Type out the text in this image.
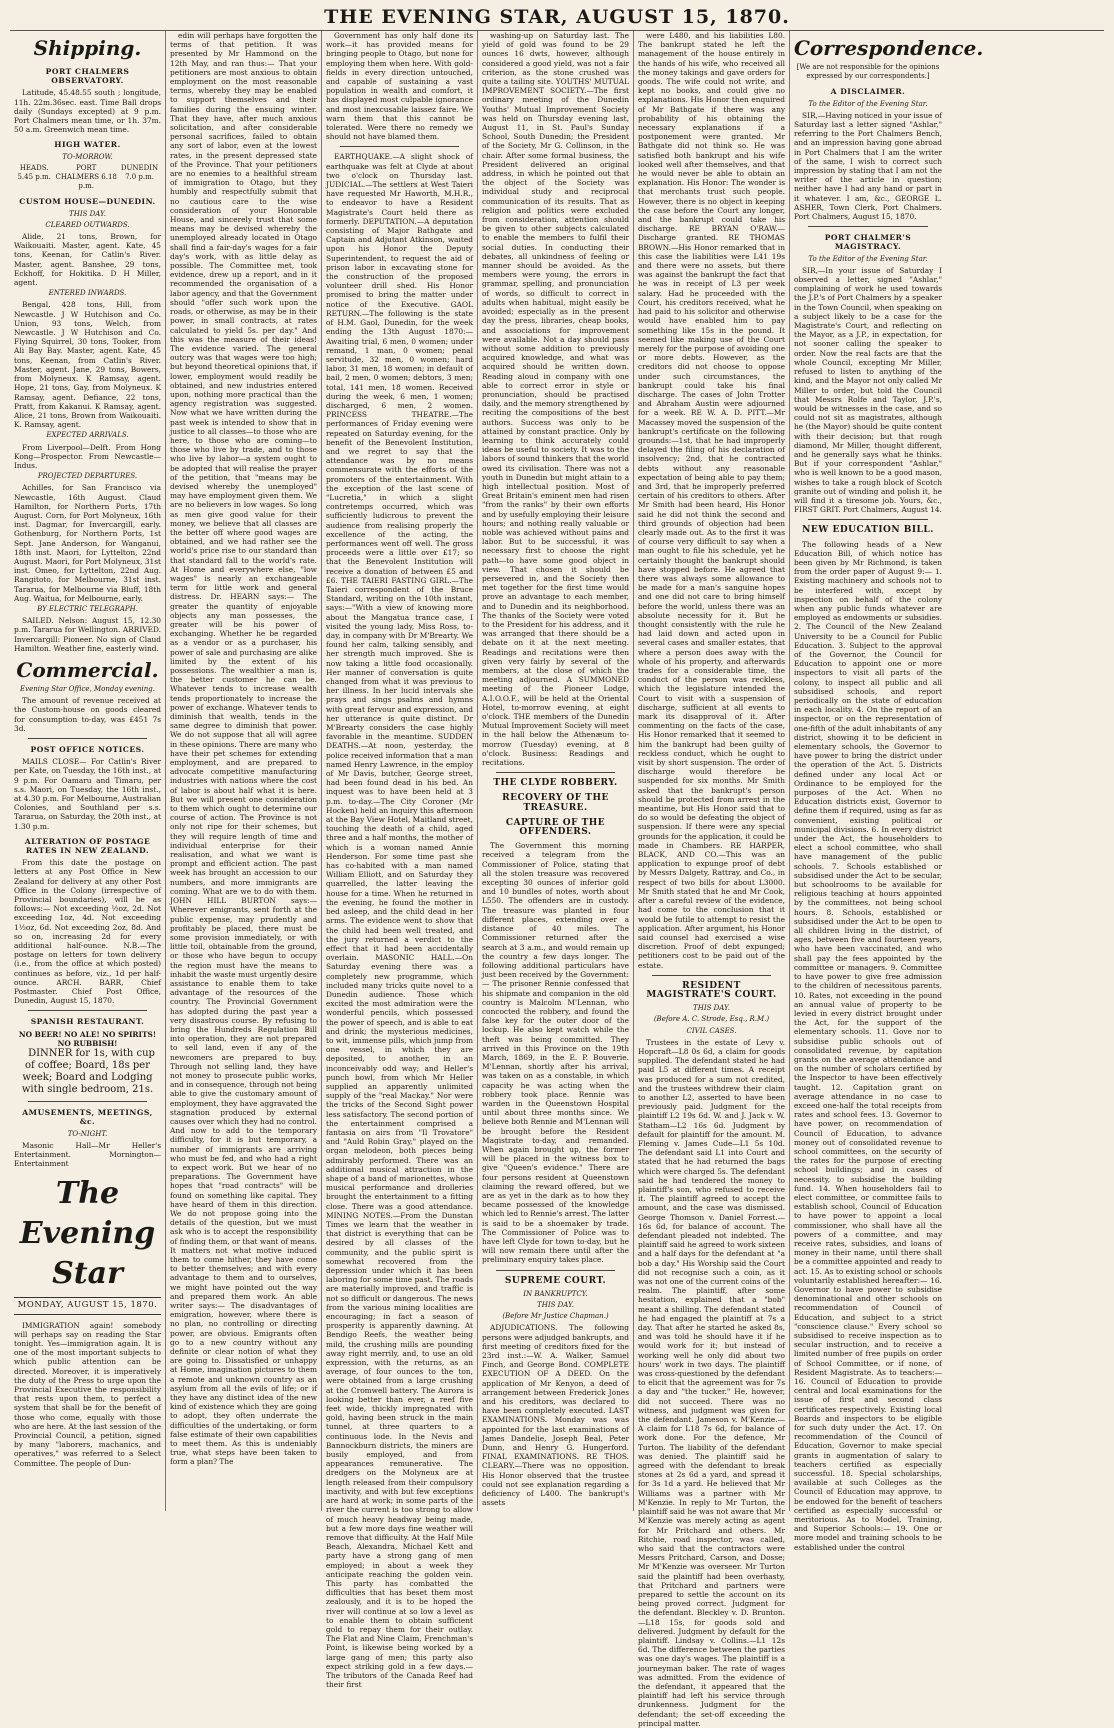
THE EVENING STAR, AUGUST 15, 1870.
Shipping.
PORT CHALMERS OBSERVATORY.

Latitude, 45.48.55 south ; longitude, 11h. 22m.36sec. east. Time Ball drops daily (Sundays excepted) at 9 p.m. Port Chalmers mean time, or 1h. 37m. 50 a.m. Greenwich mean time.

HIGH WATER.
TO-MORROW.
HEADS. 5.45 p.m.
PORT CHALMERS 6.18 p.m.
DUNEDIN 7.0 p.m.
CUSTOM HOUSE—DUNEDIN.
THIS DAY.
CLEARED OUTWARDS.

Alide, 21 tons, Brown, for Waikouaiti. Master, agent. Kate, 45 tons, Keenan, for Catlin's River. Master, agent. Banshee, 29 tons, Eckhoff, for Hokitika. D H Miller, agent.

ENTERED INWARDS.

Bengal, 428 tons, Hill, from Newcastle. J W Hutchison and Co. Union, 93 tons, Welch, from Newcastle. J W Hutchison and Co. Flying Squirrel, 30 tons, Tooker, from Ali Bay Bay. Master, agent. Kate, 45 tons, Keenan, from Catlin's River. Master, agent. Jane, 29 tons, Bowers, from Molyneux. K Ramsay, agent. Hope, 21 tons, Gay, from Molyneux. K Ramsay, agent. Defiance, 22 tons, Pratt, from Kakanui. K Ramsay, agent. Alice, 21 tons, Brown from Waikouaiti. K. Ramsay, agent.

EXPECTED ARRIVALS.

From Liverpool—Delft. From Hong Kong—Prospector. From Newcastle—Indus.

PROJECTED DEPARTURES.

Achilles, for San Francisco via Newcastle, 16th August. Claud Hamilton, for Northern Ports, 17th August. Corn, for Port Molyneux, 16th inst. Dagmar, for Invercargill, early. Gothenburg, for Northern Ports, 1st Sept. Jane Anderson, for Wanganui, 18th inst. Maori, for Lyttelton, 22nd August. Maori, for Port Molyneux, 31st inst. Omeo, for Lyttelton, 22nd Aug. Rangitoto, for Melbourne, 31st inst. Tararua, for Melbourne via Bluff, 18th Aug. Waitua, for Melbourne, early.

BY ELECTRIC TELEGRAPH.

SAILED. Nelson: August 15, 12.30 p.m. Tararua for Wellington. ARRIVED. Invercargill: Pioneer. No sign of Claud Hamilton. Weather fine, easterly wind.

Commercial.
Evening Star Office, Monday evening.

The amount of revenue received at the Custom-house on goods cleared for consumption to-day, was £451 7s 3d.

POST OFFICE NOTICES.

MAILS CLOSE— For Catlin's River per Kate, on Tuesday, the 16th inst., at 9 p.m. For Oamaru and Timaru, per s.s. Maori, on Tuesday, the 16th inst., at 4.30 p.m. For Melbourne, Australian Colonies, and Southland per s.s. Tararua, on Saturday, the 20th inst., at 1.30 p.m.

ALTERATION OF POSTAGE RATES IN NEW ZEALAND.

From this date the postage on letters at any Post Office in New Zealand for delivery at any other Post Office in the Colony (irrespective of Provincial boundaries), will be as follows:— Not exceeding ½oz, 2d. Not exceeding 1oz, 4d. Not exceeding 1½oz, 6d. Not exceeding 2oz, 8d. And so on, increasing 2d for every additional half-ounce. N.B.—The postage on letters for town delivery (i.e., from the office at which posted) continues as before, viz., 1d per half-ounce. ARCH. BARR, Chief Postmaster. Chief Post Office, Dunedin, August 15, 1870.

SPANISH RESTAURANT.
NO BEER! NO ALE! NO SPIRITS! NO RUBBISH!

DINNER for 1s, with cup of coffee; Board, 18s per week; Board and Lodging with single bedroom, 21s.

AMUSEMENTS, MEETINGS, &c.
TO-NIGHT.

Masonic Hall—Mr Heller's Entertainment. Mornington—Entertainment

The Evening Star
MONDAY, AUGUST 15, 1870.

IMMIGRATION again! somebody will perhaps say on reading the Star tonight. Yes—immigration again. It is one of the most important subjects to which public attention can be directed. Moreover, it is imperatively the duty of the Press to urge upon the Provincial Executive the responsibility that rests upon them, to perfect a system that shall be for the benefit of those who come, equally with those who are here. At the last session of the Provincial Council, a petition, signed by many "laborers, machanics, and operatives," was referred to a Select Committee. The people of Dun-

edin will perhaps have forgotten the terms of that petition. It was presented by Mr Hammond on the 12th May, and ran thus:— That your petitioners are most anxious to obtain employment on the most reasonable terms, whereby they may be enabled to support themselves and their families during the ensuing winter. That they have, after much anxious solicitation, and after considerable personal sacrifices, failed to obtain any sort of labor, even at the lowest rates, in the present depressed state of the Province. That your petitioners are no enemies to a healthful stream of immigration to Otago, but they humbly and respectfully submit that no cautious care to the wise consideration of your Honorable House, and sincerely trust that some means may be devised whereby the unemployed already located in Otago shall find a fair-day's wages for a fair day's work, with as little delay as possible. The Committee met, took evidence, drew up a report, and in it recommended the organisation of a labor agency, and that the Government should "offer such work upon the roads, or otherwise, as may be in their power, in small contracts, at rates calculated to yield 5s. per day." And this was the measure of their ideas! The evidence varied. The general outcry was that wages were too high; but beyond theoretical opinions that, if lower, employment would readily be obtained, and new industries entered upon, nothing more practical than the agency registration was suggested. Now what we have written during the past week is intended to show that in justice to all classes—to those who are here, to those who are coming—to those who live by trade, and to those who live by labor—a system ought to be adopted that will realise the prayer of the petition, that "means may be devised whereby the unemployed" may have employment given them. We are no believers in low wages. So long as men give good value for their money, we believe that all classes are the better off where good wages are obtained, and we had rather see the world's price rise to our standard than that standard fall to the world's rate. At Home and everywhere else, "low wages" is nearly an exchangeable term for little work and general distress. Dr. HEARN says:— The greater the quantity of enjoyable objects any man possesses, the greater will be his power of exchanging. Whether he be regarded as a vendor or as a purchaser, his power of sale and purchasing are alike limited by the extent of his possessions. The wealthier a man is, the better customer he can be. Whatever tends to increase wealth tends proportionately to increase the power of exchange. Whatever tends to diminish that wealth, tends in the same degree to diminish that power. We do not suppose that all will agree in these opinions. There are many who have their pet schemes for extending employment, and are prepared to advocate competitive manufacturing industries with nations where the cost of labor is about half what it is here. But we will present one consideration to them which ought to determine our course of action. The Province is not only not ripe for their schemes, but they will require length of time and individual enterprise for their realisation, and what we want is prompt and efficient action. The past week has brought an accession to our numbers, and more immigrants are coming. What are we to do with them. JOHN HILL BURTON says:— Wherever emigrants, sent forth at the public expense, may prudently and profitably be placed, there must be some provision immediately, or with little toil, obtainable from the ground, or those who have begun to occupy the region must have the means to inhabit the waste must urgently desire assistance to enable them to take advantage of the resources of the country. The Provincial Government has adopted during the past year a very disastrous course. By refusing to bring the Hundreds Regulation Bill into operation, they are not prepared to sell land, even if any of the newcomers are prepared to buy. Through not selling land, they have not money to prosecute public works, and in consequence, through not being able to give the customary amount of employment, they have aggravated the stagnation produced by external causes over which they had no control. And now to add to the temporary difficulty, for it is but temporary, a number of immigrants are arriving who must be fed, and who had a right to expect work. But we hear of no preparations. The Government have hopes that "road contracts" will be found on something like capital. They have heard of them in this direction. We do not propose going into the details of the question, but we must ask who is to accept the responsibility of finding them, or that want of means. It matters not what motive induced them to come hither, they have come to better themselves; and with every advantage to them and to ourselves, we might have pointed out the way and prepared them work. An able writer says:— The disadvantages of emigration, however, where there is no plan, no controlling or directing power, are obvious. Emigrants often go to a new country without any definite or clear notion of what they are going to. Dissatisfied or unhappy at Home, imagination pictures to them a remote and unknown country as an asylum from all the evils of life; or if they have any distinct idea of the new kind of existence which they are going to adopt, they often underrate the difficulties of the undertaking, or form false estimate of their own capabilities to meet them. As this is undeniably true, what steps have been taken to form a plan? The

Government has only half done its work—it has provided means for bringing people to Otago, but none for employing them when here. With gold-fields in every direction untouched, and capable of sustaining a vast population in wealth and comfort, it has displayed most culpable ignorance and most inexcusable laissez faire. We warn them that this cannot be tolerated. Were there no remedy we should not have blamed them.

EARTHQUAKE.—A slight shock of earthquake was felt at Clyde at about two o'clock on Thursday last. JUDICIAL.—The settlers at West Taieri have requested Mr Haworth, M.H.R., to endeavor to have a Resident Magistrate's Court held there as formerly. DEPUTATION.—A deputation consisting of Major Bathgate and Captain and Adjutant Atkinson, waited upon his Honor the Deputy Superintendent, to request the aid of prison labor in excavating stone for the construction of the proposed volunteer drill shed. His Honor promised to bring the matter under notice of the Executive. GAOL RETURN.—The following is the state of H.M. Gaol, Dunedin, for the week ending the 13th August 1870:—Awaiting trial, 6 men, 0 women; under remand, 1 man, 0 women; penal servitude, 32 men, 0 women; hard labor, 31 men, 18 women; in default of bail, 2 men, 0 women; debtors, 3 men; total, 141 men, 18 women. Received during the week, 6 men, 1 women; discharged, 6 men, 2 women. PRINCESS THEATRE.—The performances of Friday evening were repeated on Saturday evening, for the benefit of the Benevolent Institution, and we regret to say that the attendance was by no means commensurate with the efforts of the promoters of the entertainment. With the exception of the last scene of "Lucretia," in which a slight contretemps occurred, which was sufficiently ludicrous to prevent the audience from realising properly the excellence of the acting, the performances went off well. The gross proceeds were a little over £17; so that the Benevolent Institution will receive a donation of between £5 and £6. THE TAIERI FASTING GIRL.—The Taieri correspondent of the Bruce Standard, writing on the 10th instant, says:—"With a view of knowing more about the Mangatua trance case, I visited the young lady, Miss Ross, to-day, in company with Dr M'Brearty. We found her calm, talking sensibly, and her strength much improved. She is now taking a little food occasionally. Her manner of conversation is quite changed from what it was previous to her illness. In her lucid intervals she prays and sings psalms and hymns with great fervour and expression, and her utterance is quite distinct. Dr M'Brearty considers the case highly favorable in the meantime. SUDDEN DEATHS.—At noon, yesterday, the police received information that a man named Henry Lawrence, in the employ of Mr Davis, butcher, George street, had been found dead in his bed. An inquest was to have been held at 3 p.m. to-day.—The City Coroner (Mr Hocken) held an inquiry this afternoon at the Bay View Hotel, Maitland street, touching the death of a child, aged three and a half months, the mother of which is a woman named Annie Henderson. For some time past she has co-habited with a man named William Elliott, and on Saturday they quarrelled, the latter leaving the house for a time. When he returned in the evening, he found the mother in bed asleep, and the child dead in her arms. The evidence went to show that the child had been well treated, and the jury returned a verdict to the effect that it had been accidentally overlain. MASONIC HALL.—On Saturday evening there was a completely new programme, which included many tricks quite novel to a Dunedin audience. Those which excited the most admiration were the wonderful pencils, which possessed the power of speech, and is able to eat and drink; the mysterious medicines, to wit, immense pills, which jump from one vessel, in which they are deposited, to another, in an inconceivably odd way; and Heller's punch bowl, from which Mr Heller supplied an apparently unlimited supply of the "real Mackay." Nor were the tricks of the Second Sight power less satisfactory. The second portion of the entertainment comprised a fantasia on airs from "Il Trovatore" and "Auld Robin Gray," played on the organ melodeon, both pieces being admirably performed. There was an additional musical attraction in the shape of a band of marionettes, whose musical performance and drolleries brought the entertainment to a fitting close. There was a good attendance. MINING NOTES.—From the Dunstan Times we learn that the weather in that district is everything that can be desired by all classes of the community, and the public spirit is somewhat recovered from the depression under which it has been laboring for some time past. The roads are materially improved, and traffic is not so difficult or dangerous. The news from the various mining localities are encouraging; in fact a season of prosperity is apparently dawning. At Bendigo Reefs, the weather being mild, the crushing mills are pounding away right merrily, and, to use an old expression, with the returns, as an average, of four ounces to the ton, were obtained from a large crushing at the Cromwell battery. The Aurora is looking better than ever, a reef five feet wide, thickly impregnated with gold, having been struck in the main tunnel, at three quarters to a continuous lode. In the Nevis and Bannockburn districts, the miners are busily employed, and from appearances remunerative. The dredgers on the Molyneux are at length released from their compulsory inactivity, and with but few exceptions are hard at work; in some parts of the river the current is too strong to allow of much heavy headway being made, but a few more days fine weather will remove that difficulty. At the Half Mile Beach, Alexandra, Michael Kett and party have a strong gang of men employed; in about a week they anticipate reaching the golden vein. This party has combatted the difficulties that has beset them most zealously, and it is to be hoped the river will continue at so low a level as to enable them to obtain sufficient gold to repay them for their outlay. The Flat and Nine Claim, Frenchman's Point, is likewise being worked by a large gang of men; this party also expect striking gold in a few days.—The tributors of the Canada Reef had their first

washing-up on Saturday last. The yield of gold was found to be 29 ounces 16 dwts, however, although considered a good yield, was not a fair criterion, as the stone crushed was quite a tailing site. YOUTHS' MUTUAL IMPROVEMENT SOCIETY.—The first ordinary meeting of the Dunedin Youths' Mutual Improvement Society was held on Thursday evening last, August 11, in St. Paul's Sunday School, South Dunedin; the President of the Society, Mr G. Collinson, in the chair. After some formal business, the President delivered an original address, in which he pointed out that the object of the Society was individual study and reciprocal communication of its results. That as religion and politics were excluded from consideration, attention should be given to other subjects calculated to enable the members to fulfil their social duties. In conducting their debates, all unkindness of feeling or manner should be avoided. As the members were young, the errors in grammar, spelling, and pronunciation of words, so difficult to correct in adults when habitual, might easily be avoided; especially as in the present day the press, libraries, cheap books, and associations for improvement were available. Not a day should pass without some addition to previously acquired knowledge, and what was acquired should be written down. Reading aloud in company with one able to correct error in style or pronunciation, should be practised daily, and the memory strengthened by reciting the compositions of the best authors. Success was only to be attained by constant practice. Only by learning to think accurately could ideas be useful to society. It was to the labors of sound thinkers that the world owed its civilisation. There was not a youth in Dunedin but might attain to a high intellectual position. Most of Great Britain's eminent men had risen "from the ranks" by their own efforts and by usefully employing their leisure hours; and nothing really valuable or noble was achieved without pains and labor. But to be successful, it was necessary first to choose the right path—to have some good object in view. That chosen it should be persevered in, and the Society then met together for the first time would prove an advantage to each member, and to Dunedin and its neighborhood. The thanks of the Society were voted to the President for his address, and it was arranged that there should be a debate on it at the next meeting. Readings and recitations were then given very fairly by several of the members, at the close of which the meeting adjourned. A SUMMONED meeting of the Pioneer Lodge, A.I.O.O.F., will be held at the Oriental Hotel, to-morrow evening, at eight o'clock. THE members of the Dunedin Mutual Improvement Society will meet in the hall below the Athenæum to-morrow (Tuesday) evening, at 8 o'clock. Business: Readings and recitations.

THE CLYDE ROBBERY.
RECOVERY OF THE TREASURE.
CAPTURE OF THE OFFENDERS.

The Government this morning received a telegram from the Commissioner of Police, stating that all the stolen treasure was recovered excepting 30 ounces of inferior gold and 10 bundles of notes, worth about L550. The offenders are in custody. The treasure was planted in four different places, extending over a distance of 40 miles. The Commissioner returned after the search at 3 a.m., and would remain up the country a few days longer. The following additional particulars have just been received by the Government:— The prisoner Rennie confessed that his shipmate and companion in the old country is Malcolm M'Lennan, who concocted the robbery, and found the false key for the outer door of the lockup. He also kept watch while the theft was being committed. They arrived in this Province on the 19th March, 1869, in the E. P. Bouverie. M'Lennan, shortly after his arrival, was taken on as a constable, in which capacity he was acting when the robbery took place. Rennie was warden in the Queenstown Hospital until about three months since. We believe both Rennie and M'Lennan will be brought before the Resident Magistrate to-day, and remanded. When again brought up, the former will be placed in the witness box to give "Queen's evidence." There are four persons resident at Queenstown claiming the reward offered, but we are as yet in the dark as to how they became possessed of the knowledge which led to Rennie's arrest. The latter is said to be a shoemaker by trade. The Commissioner of Police was to have left Clyde for town to-day, but he will now remain there until after the preliminary enquiry takes place.

SUPREME COURT.
IN BANKRUPTCY.
THIS DAY.
(Before Mr Justice Chapman.)

ADJUDICATIONS. The following persons were adjudged bankrupts, and first meeting of creditors fixed for the 23rd inst.:—W. A. Walker, Samuel Finch, and George Bond. COMPLETE EXECUTION OF A DEED. On the application of Mr Kenyon, a deed of arrangement between Frederick Jones and his creditors, was declared to have been completely executed. LAST EXAMINATIONS. Monday was was appointed for the last examinations of James Dandelie, Joseph Beal, Peter Dunn, and Henry G. Hungerford. FINAL EXAMINATIONS. RE THOS. CLEARY.—There was no opposition. His Honor observed that the trustee could not see explanation regarding a deficiency of L400. The bankrupt's assets

were L480, and his liabilities L80. The bankrupt stated he left the management of the house entirely in the hands of his wife, who received all the money takings and gave orders for goods. The wife could not write, and kept no books, and could give no explanations. His Honor then enquired of Mr Bathgate if there was any probability of his obtaining the necessary explanations if a postponement were granted. Mr Bathgate did not think so. He was satisfied both bankrupt and his wife looked well after themselves, and that he would never be able to obtain an explanation. His Honor: The wonder is that merchants trust such people. However, there is no object in keeping the case before the Court any longer, and the bankrupt could take his discharge. RE BRYAN O'RAW.—Discharge granted. RE THOMAS BROWN.—His Honor remarked that in this case the liabilities were L41 19s and there were no assets, but there was against the bankrupt the fact that he was in receipt of L3 per week salary. Had he proceeded with the Court, his creditors received, what he had paid to his solicitor and otherwise would have enabled him to pay something like 15s in the pound. It seemed like making use of the Court merely for the purpose of avoiding one or more debts. However, as the creditors did not choose to oppose under such circumstances, the bankrupt could take his final discharge. The cases of John Trotter and Abraham Austin were adjourned for a week. RE W. A. D. PITT.—Mr Macassey moved the suspension of the bankrupt's certificate on the following grounds:—1st, that he had improperly delayed the filing of his declaration of insolvency; 2nd, that he contracted debts without any reasonable expectation of being able to pay them; and 3rd, that he improperly preferred certain of his creditors to others. After Mr Smith had been heard, His Honor said he did not think the second and third grounds of objection had been clearly made out. As to the first it was of course very difficult to say when a man ought to file his schedule, yet he certainly thought the bankrupt should have stopped before. He agreed that there was always some allowance to be made for a man's sanguine hopes and one did not care to bring himself before the world, unless there was an absolute necessity for it. But he thought consistently with the rule he had laid down and acted upon in several cases and smaller estates, that where a person does away with the whole of his property, and afterwards trades for a considerable time, the conduct of the person was reckless, which the legislature intended the Court to visit with a suspension of discharge, sufficient at all events to mark its disapproval of it. After commenting on the facts of the case, His Honor remarked that it seemed to him the bankrupt had been guilty of reckless conduct, which he ought to visit by short suspension. The order of discharge would therefore be suspended for six months. Mr Smith asked that the bankrupt's person should be protected from arrest in the meantime, but His Honor said that to do so would be defeating the object of suspension. If there were any special grounds for the application, it could be made in Chambers. RE HARPER, BLACK, AND CO.—This was an application to expunge proof of debt by Messrs Dalgety, Rattray, and Co., in respect of two bills for about L3000. Mr Smith stated that he and Mr Cook, after a careful review of the evidence, had come to the conclusion that it would be futile to attempt to resist the application. After argument, his Honor said counsel had exercised a wise discretion. Proof of debt expunged; petitioners cost to be paid out of the estate.

RESIDENT MAGISTRATE'S COURT.
THIS DAY.
(Before A. C. Strode, Esq., R.M.)
CIVIL CASES.

Trustees in the estate of Levy v. Hopcraft—L8 0s 6d, a claim for goods supplied. The defendant stated he had paid L5 at different times. A receipt was produced for a sum not credited, and the trustees withdrew their claim to another L2, asserted to have been previously paid. Judgment for the plaintiff L2 19s 6d. W. and J. Jack v. W. Statham—L2 16s 6d. Judgment by default for plaintiff for the amount. M. Fleming v. James Cude—L1 5s 10d. The defendant said L1 into Court and stated that he had returned the bags which were charged 5s. The defendant said he had tendered the money to plaintiff's son, who refused to receive it. The plaintiff agreed to accept the amount, and the case was dismissed. George Thomson v. Daniel Forrest.—16s 6d, for balance of account. The defendant pleaded not indebted. The plaintiff said he agreed to work sixteen and a half days for the defendant at "a bob a day." His Worship said the Court did not recognise such a coin, as it was not one of the current coins of the realm. The plaintiff, after some hesitation, explained that a "bob" meant a shilling. The defendant stated he had engaged the plaintiff at 7s a day. That after he started he asked 8s, and was told he should have it if he would work for it; but instead of working well he only did about two hours' work in two days. The plaintiff was cross-questioned by the defendant to elicit that the agreement was for 7s a day and "the tucker." He, however, did not succeed. There was no witness, and judgment was given for the defendant. Jameson v. M'Kenzie.—A claim for L18 7s 6d, for balance of work done. For the defence, Mr Turton. The liability of the defendant was denied. The plaintiff said he agreed with the defendant to break stones at 2s 6d a yard, and spread it for 3s 1d a yard. He believed that Mr Williams was a partner with Mr M'Kenzie. In reply to Mr Turton, the plaintiff said he was not aware that Mr M'Kenzie was merely acting as agent for Mr Pritchard and others. Mr Ritchie, road inspector, was called, who said that the contractors were Messrs Pritchard, Carson, and Dosse; Mr M'Kenzie was overseer. Mr Turton said the plaintiff had been overhasty, that Pritchard and partners were prepared to settle the account on its being proved correct. Judgment for the defendant. Bleckley v. D. Brunton.—L18 15s, for goods sold and delivered. Judgment by default for the plaintiff. Lindsay v. Collins.—L1 12s 6d. The difference between the parties was one day's wages. The plaintiff is a journeyman baker. The rate of wages was admitted. From the evidence of the defendant, it appeared that the plaintiff had left his service through drunkenness. Judgment for the defendant; the set-off exceeding the principal matter.

Correspondence.

[We are not responsible for the opinions expressed by our correspondents.]

A DISCLAIMER.
To the Editor of the Evening Star.

SIR,—Having noticed in your issue of Saturday last a letter signed "Ashlar," referring to the Port Chalmers Bench, and an impression having gone abroad in Port Chalmers that I am the writer of the same, I wish to correct such impression by stating that I am not the writer of the article in question; neither have I had any hand or part in it whatever. I am, &c., GEORGE L. ASHER, Town Clerk, Port Chalmers. Port Chalmers, August 15, 1870.

PORT CHALMER'S MAGISTRACY.
To the Editor of the Evening Star.

SIR,—In your issue of Saturday I observed a letter, signed "Ashlar," complaining of work he used towards the J.P.'s of Port Chalmers by a speaker in the Town Council, when speaking on a subject likely to be a case for the Magistrate's Court, and reflecting on the Mayor, as a J.P., in expectation, for not sooner calling the speaker to order. Now the real facts are that the whole Council, excepting Mr Miller, refused to listen to anything of the kind, and the Mayor not only called Mr Miller to order, but told the Council that Messrs Rolfe and Taylor, J.P.'s, would be witnesses in the case, and so could not sit as magistrates, although he (the Mayor) should be quite content with their decision; but that rough diamond, Mr Miller, thought different, and he generally says what he thinks. But if your correspondent "Ashlar," who is well known to be a good mason, wishes to take a rough block of Scotch granite out of winding and polish it, he will find it a tiresome job. Yours, &c., FIRST GRIT. Port Chalmers, August 14.

NEW EDUCATION BILL.

The following heads of a New Education Bill, of which notice has been given by Mr Richmond, is taken from the order paper of August 9:— 1. Existing machinery and schools not to be interfered with, except by inspection on behalf of the colony when any public funds whatever are employed as endowments or subsidies. 2. The Council of the New Zealand University to be a Council for Public Education. 3. Subject to the approval of the Governor, the Council for Education to appoint one or more inspectors to visit all parts of the colony, to inspect all public and all subsidised schools, and report periodically on the state of education in each locality. 4. On the report of an inspector, or on the representation of one-fifth of the adult inhabitants of any district, showing it to be deficient in elementary schools, the Governor to have power to bring the district under the operation of the Act. 5. Districts defined under any local Act or Ordinance to be employed for the purposes of the Act. When no Education districts exist, Governor to define them if required, using as far as convenient, existing political or municipal divisions. 6. In every district under the Act, the householders to elect a school committee, who shall have management of the public schools. 7. Schools established or subsidised under the Act to be secular, but schoolrooms to be available for religious teaching at hours appointed by the committees, not being school hours. 8. Schools, established or subsidised under the Act to be open to all children living in the district, of ages, between five and fourteen years, who have been vaccinated, and who shall pay the fees appointed by the committee or managers. 9. Committee to have power to give free admission to the children of necessitous parents. 10. Rates, not exceeding in the pound an annual value of property to be levied in every district brought under the Act, for the support of the elementary schools. 11. Gove nor to subsidise public schools out of consolidated revenue, by capitation grants on the average attendance and on the number of scholars certified by the Inspector to have been effectively taught. 12. Capitation grant on average attendance in no case to exceed one-half the total receipts from rates and school fees. 13. Governor to have power, on recommendation of Council of Education, to advance money out of consolidated revenue to school committees, on the security of the rates for the purpose of erecting school buildings; and in cases of necessity, to subsidise the building fund. 14. When householders fail to elect committee, or committee fails to establish school, Council of Education to have power to appoint a local commissioner, who shall have all the powers of a committee, and may receive rates, subsidies, and loans of money in their name, until there shall be a committee appointed and ready to act. 15. As to existing school or schools voluntarily established hereafter:— 16. Governor to have power to subsidise denominational and other schools on recommendation of Council of Education, and subject to a strict "conscience clause." Every school so subsidised to receive inspection as to secular instruction, and to receive a limited number of free pupils on order of School Committee, or if none, of Resident Magistrate. As to teachers:— 16. Council of Education to provide central and local examinations for the issue of first and second class certificates respectively. Existing local Boards and inspectors to be eligible for such duty under the Act. 17. On recommendation of the Council of Education, Governor to make special grants in augmentation of salary to teachers certified as especially successful. 18. Special scholarships, available at such Colleges as the Council of Education may approve, to be endowed for the benefit of teachers certified as especially successful or meritorious. As to Model, Training, and Superior Schools:— 19. One or more model and training schools to be established under the control
